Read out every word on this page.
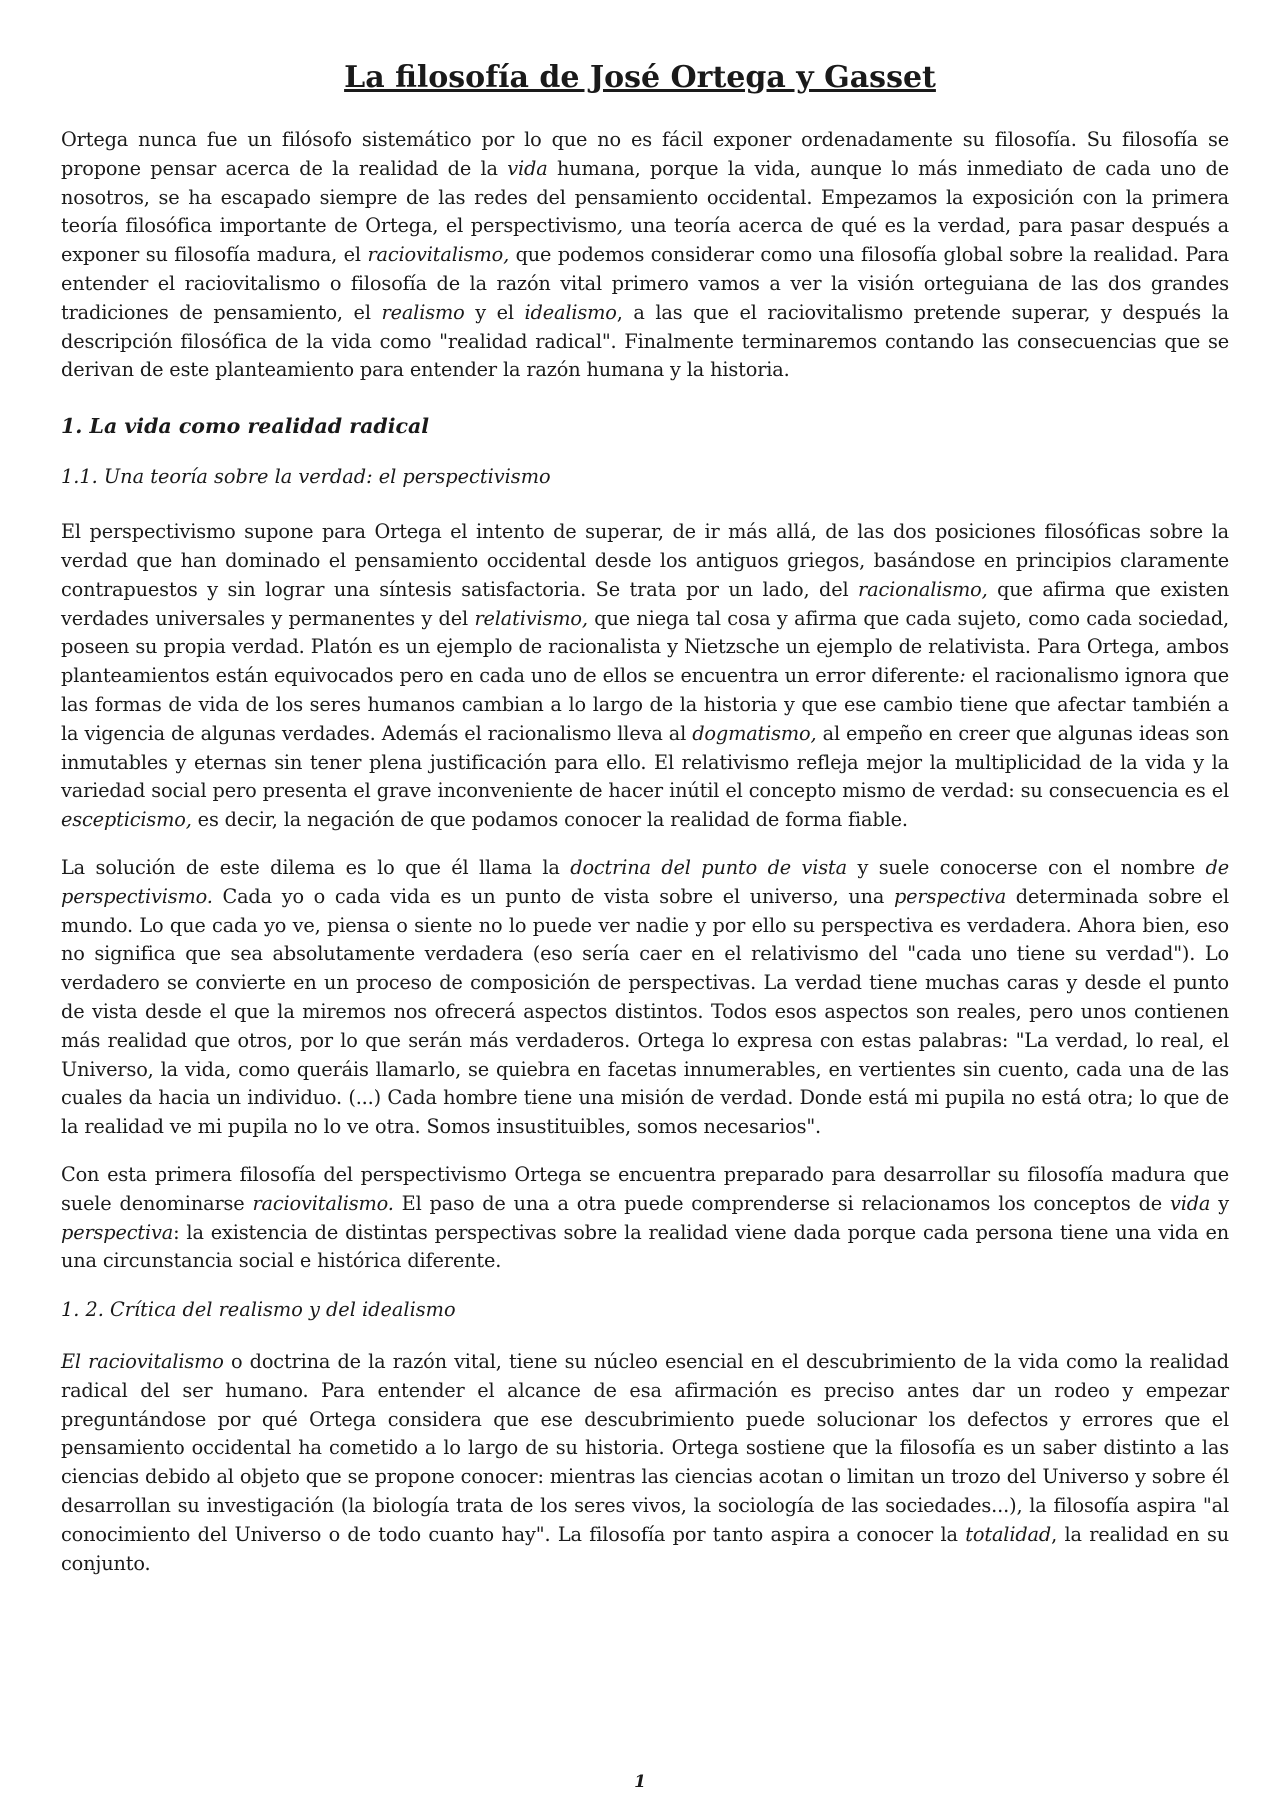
La filosofía de José Ortega y Gasset

Ortega nunca fue un filósofo sistemático por lo que no es fácil exponer ordenadamente su filosofía. Su filosofía se propone pensar acerca de la realidad de la vida humana, porque la vida, aunque lo más inmediato de cada uno de nosotros, se ha escapado siempre de las redes del pensamiento occidental. Empezamos la exposición con la primera teoría filosófica importante de Ortega, el perspectivismo, una teoría acerca de qué es la verdad, para pasar después a exponer su filosofía madura, el raciovitalismo, que podemos considerar como una filosofía global sobre la realidad. Para entender el raciovitalismo o filosofía de la razón vital primero vamos a ver la visión orteguiana de las dos grandes tradiciones de pensamiento, el realismo y el idealismo, a las que el raciovitalismo pretende superar, y después la descripción filosófica de la vida como "realidad radical". Finalmente terminaremos contando las consecuencias que se derivan de este planteamiento para entender la razón humana y la historia.

1. La vida como realidad radical
1.1. Una teoría sobre la verdad: el perspectivismo

El perspectivismo supone para Ortega el intento de superar, de ir más allá, de las dos posiciones filosóficas sobre la verdad que han dominado el pensamiento occidental desde los antiguos griegos, basándose en principios claramente contrapuestos y sin lograr una síntesis satisfactoria. Se trata por un lado, del racionalismo, que afirma que existen verdades universales y permanentes y del relativismo, que niega tal cosa y afirma que cada sujeto, como cada sociedad, poseen su propia verdad. Platón es un ejemplo de racionalista y Nietzsche un ejemplo de relativista. Para Ortega, ambos planteamientos están equivocados pero en cada uno de ellos se encuentra un error diferente: el racionalismo ignora que las formas de vida de los seres humanos cambian a lo largo de la historia y que ese cambio tiene que afectar también a la vigencia de algunas verdades. Además el racionalismo lleva al dogmatismo, al empeño en creer que algunas ideas son inmutables y eternas sin tener plena justificación para ello. El relativismo refleja mejor la multiplicidad de la vida y la variedad social pero presenta el grave inconveniente de hacer inútil el concepto mismo de verdad: su consecuencia es el escepticismo, es decir, la negación de que podamos conocer la realidad de forma fiable.

La solución de este dilema es lo que él llama la doctrina del punto de vista y suele conocerse con el nombre de perspectivismo. Cada yo o cada vida es un punto de vista sobre el universo, una perspectiva determinada sobre el mundo. Lo que cada yo ve, piensa o siente no lo puede ver nadie y por ello su perspectiva es verdadera. Ahora bien, eso no significa que sea absolutamente verdadera (eso sería caer en el relativismo del "cada uno tiene su verdad"). Lo verdadero se convierte en un proceso de composición de perspectivas. La verdad tiene muchas caras y desde el punto de vista desde el que la miremos nos ofrecerá aspectos distintos. Todos esos aspectos son reales, pero unos contienen más realidad que otros, por lo que serán más verdaderos. Ortega lo expresa con estas palabras: "La verdad, lo real, el Universo, la vida, como queráis llamarlo, se quiebra en facetas innumerables, en vertientes sin cuento, cada una de las cuales da hacia un individuo. (...) Cada hombre tiene una misión de verdad. Donde está mi pupila no está otra; lo que de la realidad ve mi pupila no lo ve otra. Somos insustituibles, somos necesarios".

Con esta primera filosofía del perspectivismo Ortega se encuentra preparado para desarrollar su filosofía madura que suele denominarse raciovitalismo. El paso de una a otra puede comprenderse si relacionamos los conceptos de vida y perspectiva: la existencia de distintas perspectivas sobre la realidad viene dada porque cada persona tiene una vida en una circunstancia social e histórica diferente.

1. 2. Crítica del realismo y del idealismo

El raciovitalismo o doctrina de la razón vital, tiene su núcleo esencial en el descubrimiento de la vida como la realidad radical del ser humano. Para entender el alcance de esa afirmación es preciso antes dar un rodeo y empezar preguntándose por qué Ortega considera que ese descubrimiento puede solucionar los defectos y errores que el pensamiento occidental ha cometido a lo largo de su historia. Ortega sostiene que la filosofía es un saber distinto a las ciencias debido al objeto que se propone conocer: mientras las ciencias acotan o limitan un trozo del Universo y sobre él desarrollan su investigación (la biología trata de los seres vivos, la sociología de las sociedades...), la filosofía aspira "al conocimiento del Universo o de todo cuanto hay". La filosofía por tanto aspira a conocer la totalidad, la realidad en su conjunto.

1
